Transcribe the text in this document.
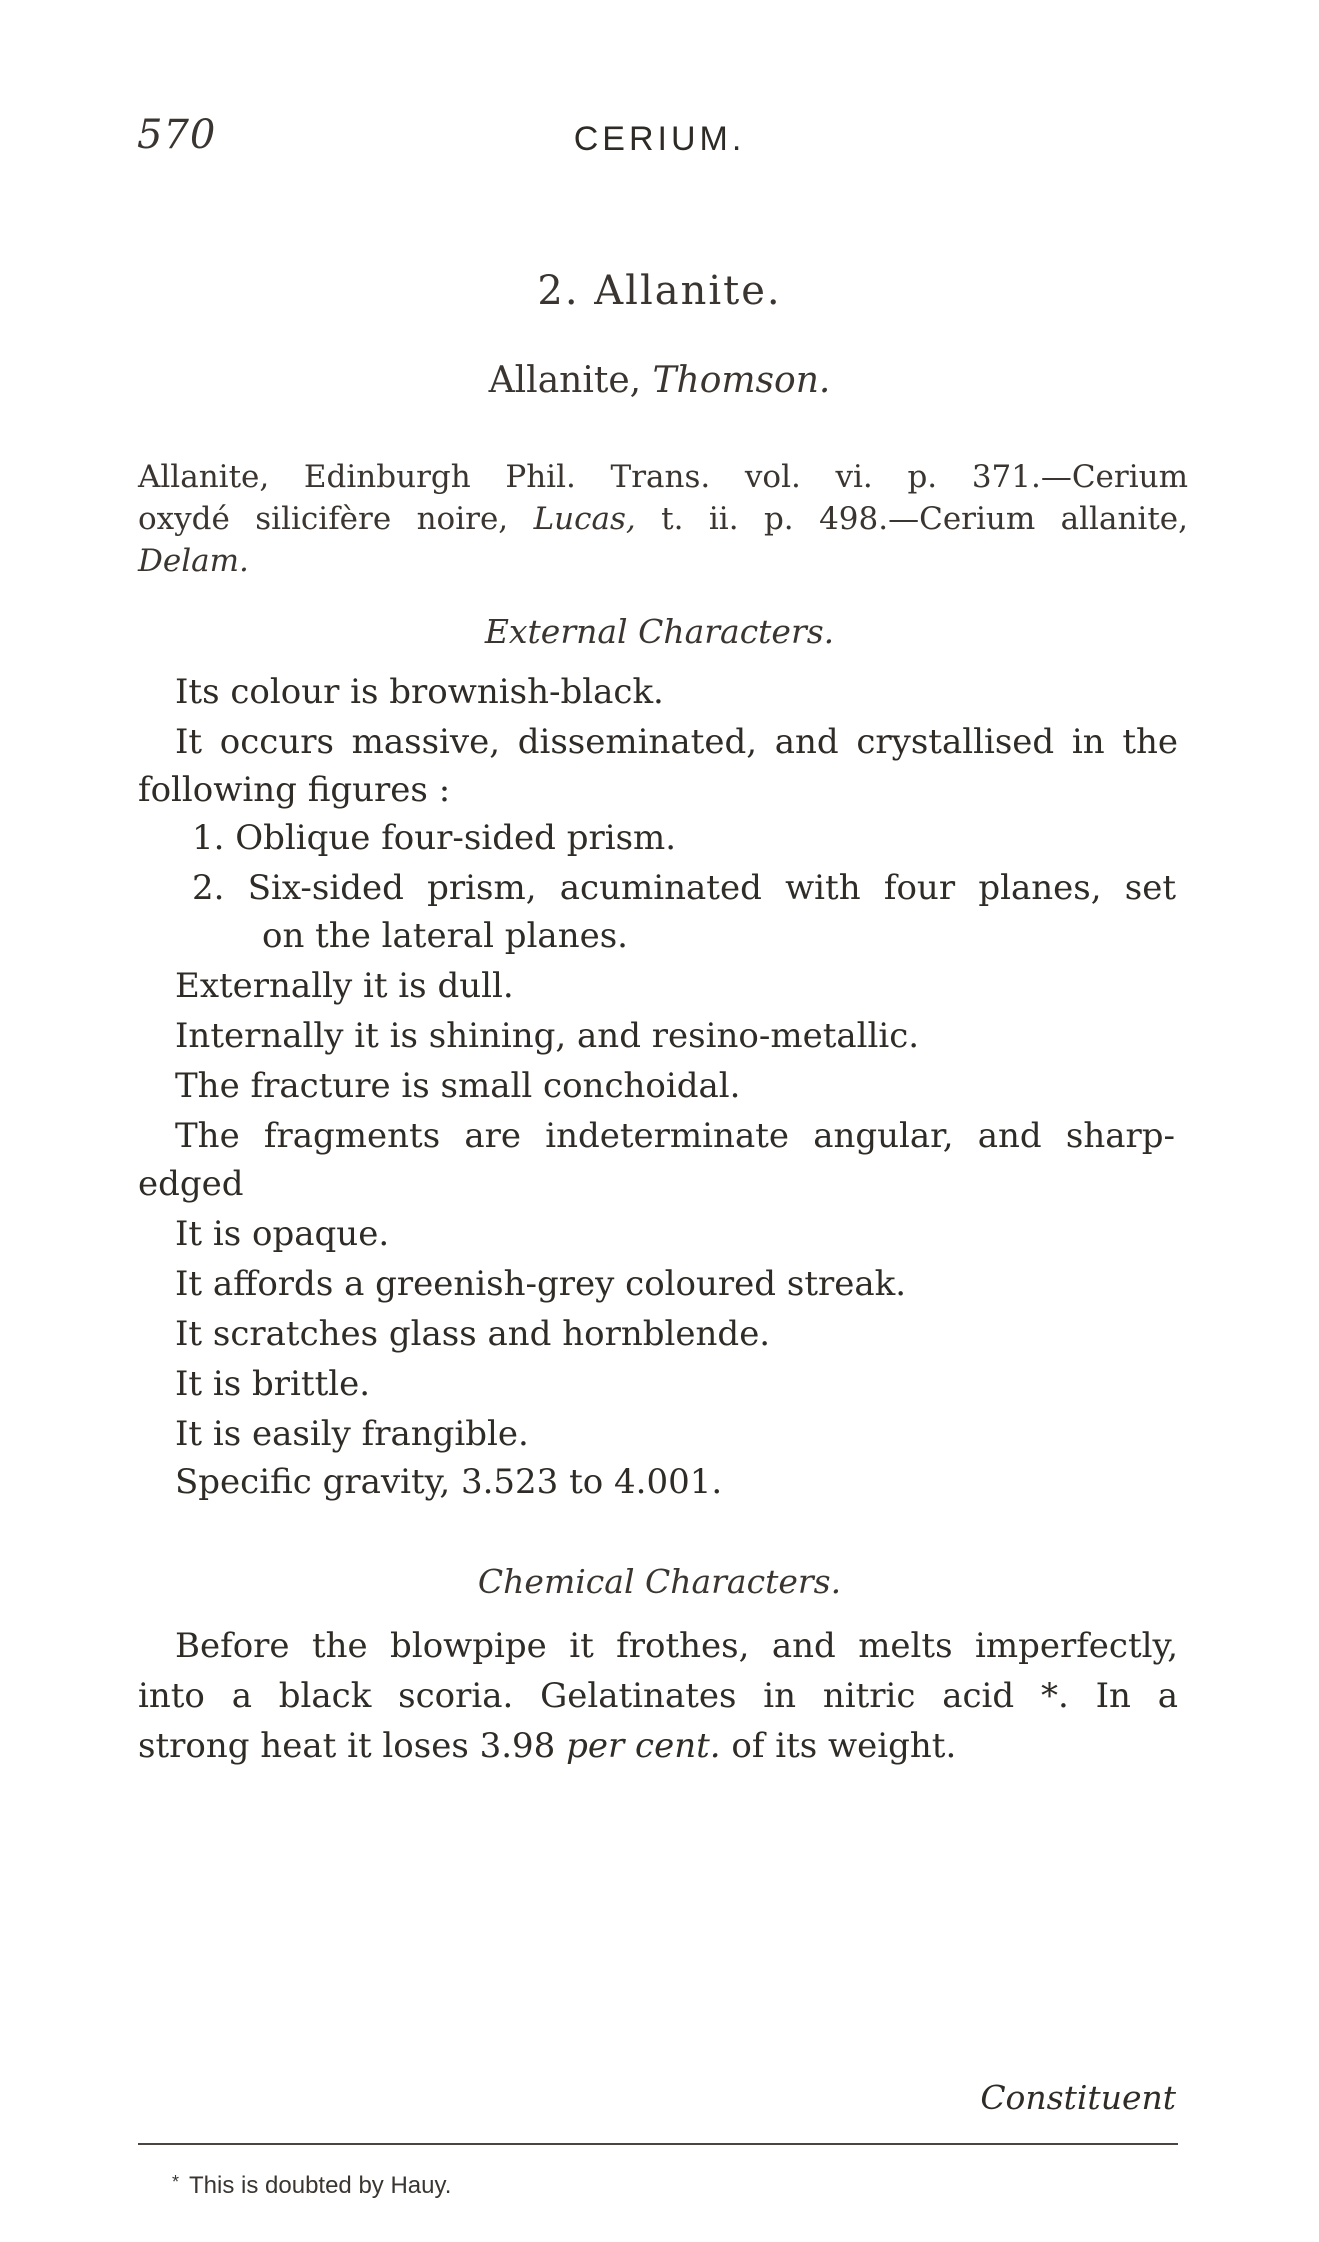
570	CERIUM.
2. Allanite.
Allanite, Thomson.
Allanite, Edinburgh Phil. Trans. vol. vi. p. 371.—Cerium
oxydé silicifère noire, Lucas, t. ii. p. 498.—Cerium allanite,
Delam.
External Characters.
Its colour is brownish-black.
It occurs massive, disseminated, and crystallised in the
following figures :
1. Oblique four-sided prism.
2. Six-sided prism, acuminated with four planes, set
on the lateral planes.
Externally it is dull.
Internally it is shining, and resino-metallic.
The fracture is small conchoidal.
The fragments are indeterminate angular, and sharp-
edged
It is opaque.
It affords a greenish-grey coloured streak.
It scratches glass and hornblende.
It is brittle.
It is easily frangible.
Specific gravity, 3.523 to 4.001.
Chemical Characters.
Before the blowpipe it frothes, and melts imperfectly,
into a black scoria. Gelatinates in nitric acid *. In a
strong heat it loses 3.98 per cent. of its weight.
Constituent
* This is doubted by Hauy.
